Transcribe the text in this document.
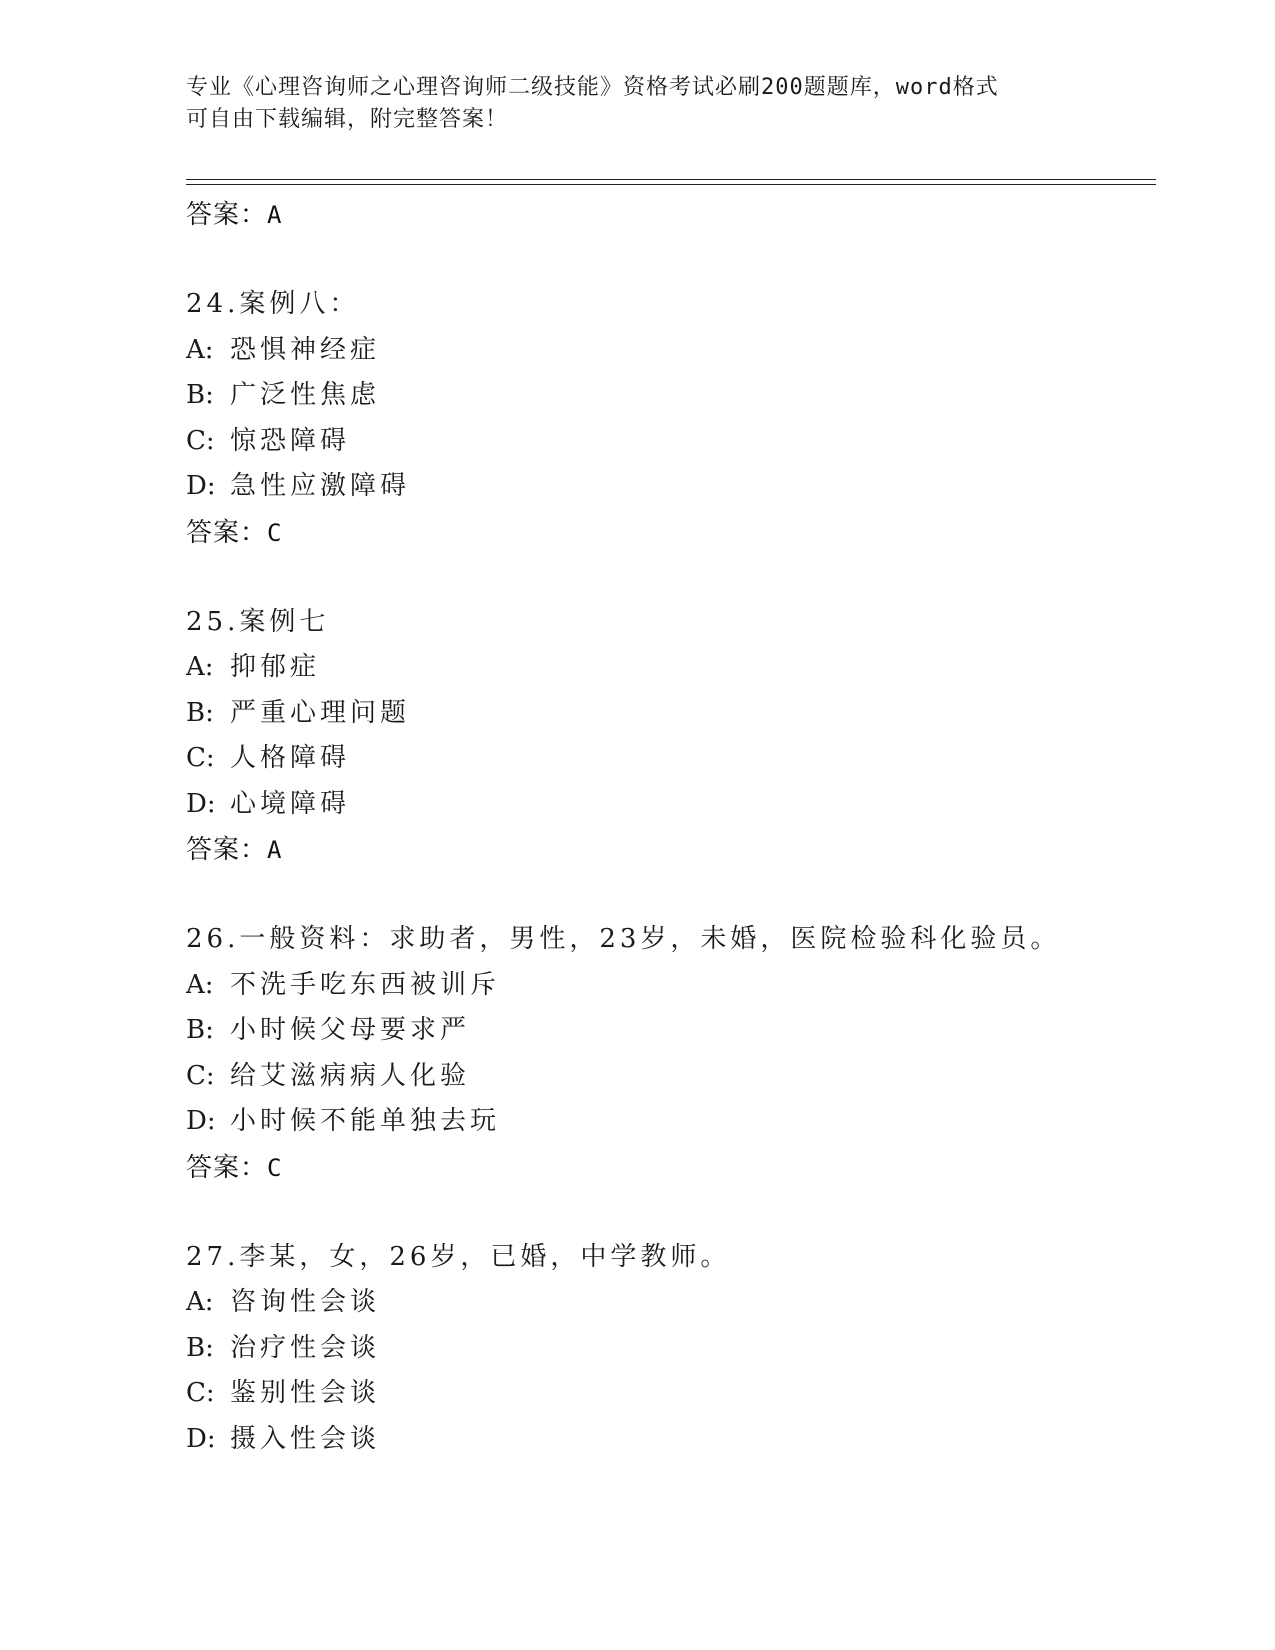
专业《心理咨询师之心理咨询师二级技能》资格考试必刷200题题库，word格式
可自由下载编辑，附完整答案！
答案：A
24.案例八：
A: 恐惧神经症
B: 广泛性焦虑
C: 惊恐障碍
D: 急性应激障碍
答案：C
25.案例七
A: 抑郁症
B: 严重心理问题
C: 人格障碍
D: 心境障碍
答案：A
26.一般资料：求助者，男性，23岁，未婚，医院检验科化验员。
A: 不洗手吃东西被训斥
B: 小时候父母要求严
C: 给艾滋病病人化验
D: 小时候不能单独去玩
答案：C
27.李某，女，26岁，已婚，中学教师。
A: 咨询性会谈
B: 治疗性会谈
C: 鉴别性会谈
D: 摄入性会谈
